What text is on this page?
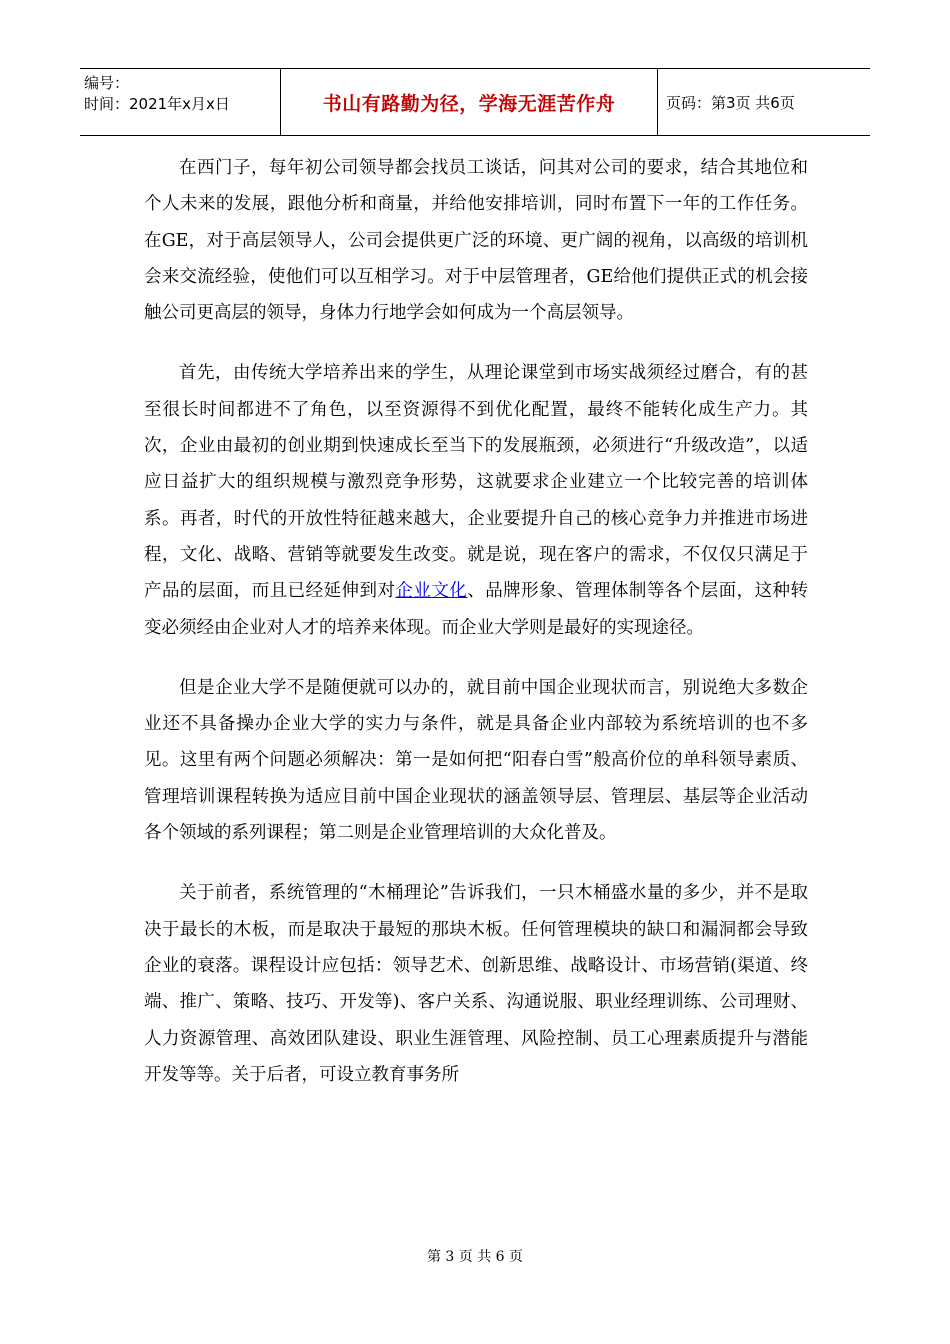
编号：
时间：2021年x月x日	书山有路勤为径，学海无涯苦作舟	页码：第3页 共6页

在西门子，每年初公司领导都会找员工谈话，问其对公司的要求，结合其地位和个人未来的发展，跟他分析和商量，并给他安排培训，同时布置下一年的工作任务。在GE，对于高层领导人，公司会提供更广泛的环境、更广阔的视角，以高级的培训机会来交流经验，使他们可以互相学习。对于中层管理者，GE给他们提供正式的机会接触公司更高层的领导，身体力行地学会如何成为一个高层领导。

首先，由传统大学培养出来的学生，从理论课堂到市场实战须经过磨合，有的甚至很长时间都进不了角色，以至资源得不到优化配置，最终不能转化成生产力。其次，企业由最初的创业期到快速成长至当下的发展瓶颈，必须进行“升级改造”，以适应日益扩大的组织规模与激烈竞争形势，这就要求企业建立一个比较完善的培训体系。再者，时代的开放性特征越来越大，企业要提升自己的核心竞争力并推进市场进程，文化、战略、营销等就要发生改变。就是说，现在客户的需求，不仅仅只满足于产品的层面，而且已经延伸到对企业文化、品牌形象、管理体制等各个层面，这种转变必须经由企业对人才的培养来体现。而企业大学则是最好的实现途径。

但是企业大学不是随便就可以办的，就目前中国企业现状而言，别说绝大多数企业还不具备操办企业大学的实力与条件，就是具备企业内部较为系统培训的也不多见。这里有两个问题必须解决：第一是如何把“阳春白雪”般高价位的单科领导素质、管理培训课程转换为适应目前中国企业现状的涵盖领导层、管理层、基层等企业活动各个领域的系列课程；第二则是企业管理培训的大众化普及。

关于前者，系统管理的“木桶理论”告诉我们，一只木桶盛水量的多少，并不是取决于最长的木板，而是取决于最短的那块木板。任何管理模块的缺口和漏洞都会导致企业的衰落。课程设计应包括：领导艺术、创新思维、战略设计、市场营销(渠道、终端、推广、策略、技巧、开发等)、客户关系、沟通说服、职业经理训练、公司理财、人力资源管理、高效团队建设、职业生涯管理、风险控制、员工心理素质提升与潜能开发等等。关于后者，可设立教育事务所

第 3 页 共 6 页
